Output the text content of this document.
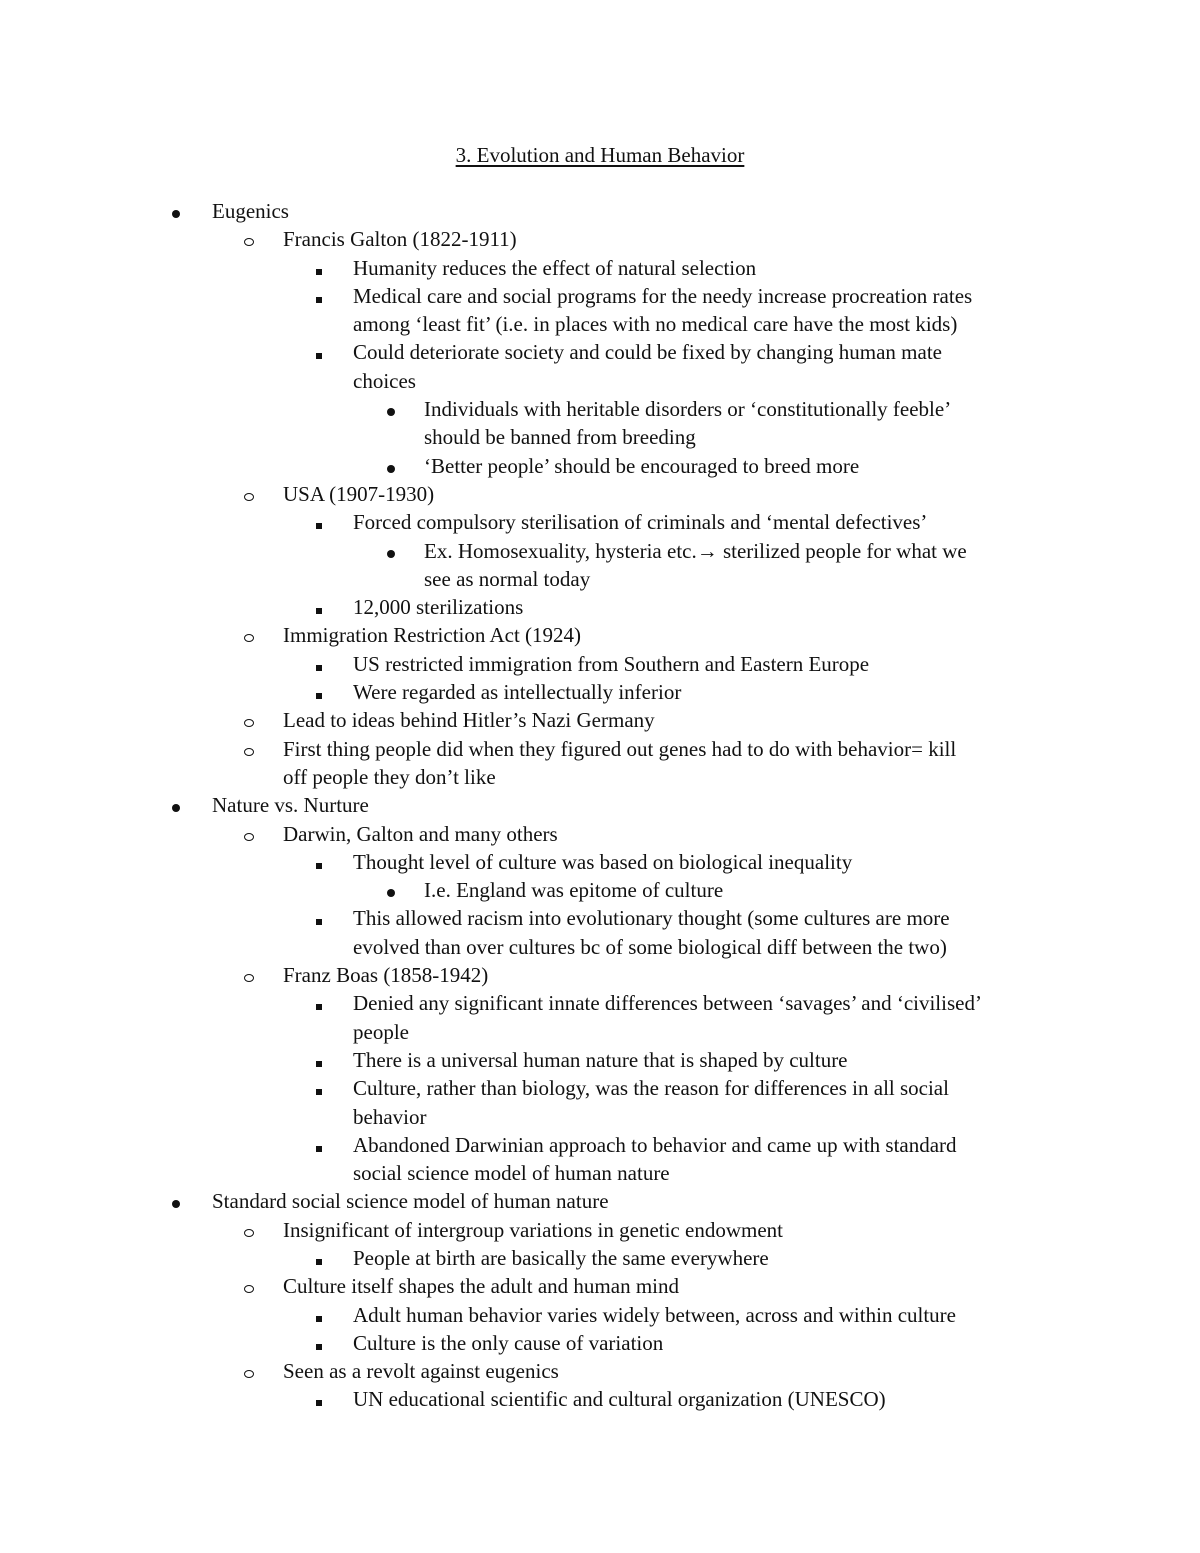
3. Evolution and Human Behavior
Eugenics
Francis Galton (1822-1911)
Humanity reduces the effect of natural selection
Medical care and social programs for the needy increase procreation rates
among ‘least fit’ (i.e. in places with no medical care have the most kids)
Could deteriorate society and could be fixed by changing human mate
choices
Individuals with heritable disorders or ‘constitutionally feeble’
should be banned from breeding
‘Better people’ should be encouraged to breed more
USA (1907-1930)
Forced compulsory sterilisation of criminals and ‘mental defectives’
Ex. Homosexuality, hysteria etc.→ sterilized people for what we
see as normal today
12,000 sterilizations
Immigration Restriction Act (1924)
US restricted immigration from Southern and Eastern Europe
Were regarded as intellectually inferior
Lead to ideas behind Hitler’s Nazi Germany
First thing people did when they figured out genes had to do with behavior= kill
off people they don’t like
Nature vs. Nurture
Darwin, Galton and many others
Thought level of culture was based on biological inequality
I.e. England was epitome of culture
This allowed racism into evolutionary thought (some cultures are more
evolved than over cultures bc of some biological diff between the two)
Franz Boas (1858-1942)
Denied any significant innate differences between ‘savages’ and ‘civilised’
people
There is a universal human nature that is shaped by culture
Culture, rather than biology, was the reason for differences in all social
behavior
Abandoned Darwinian approach to behavior and came up with standard
social science model of human nature
Standard social science model of human nature
Insignificant of intergroup variations in genetic endowment
People at birth are basically the same everywhere
Culture itself shapes the adult and human mind
Adult human behavior varies widely between, across and within culture
Culture is the only cause of variation
Seen as a revolt against eugenics
UN educational scientific and cultural organization (UNESCO)
